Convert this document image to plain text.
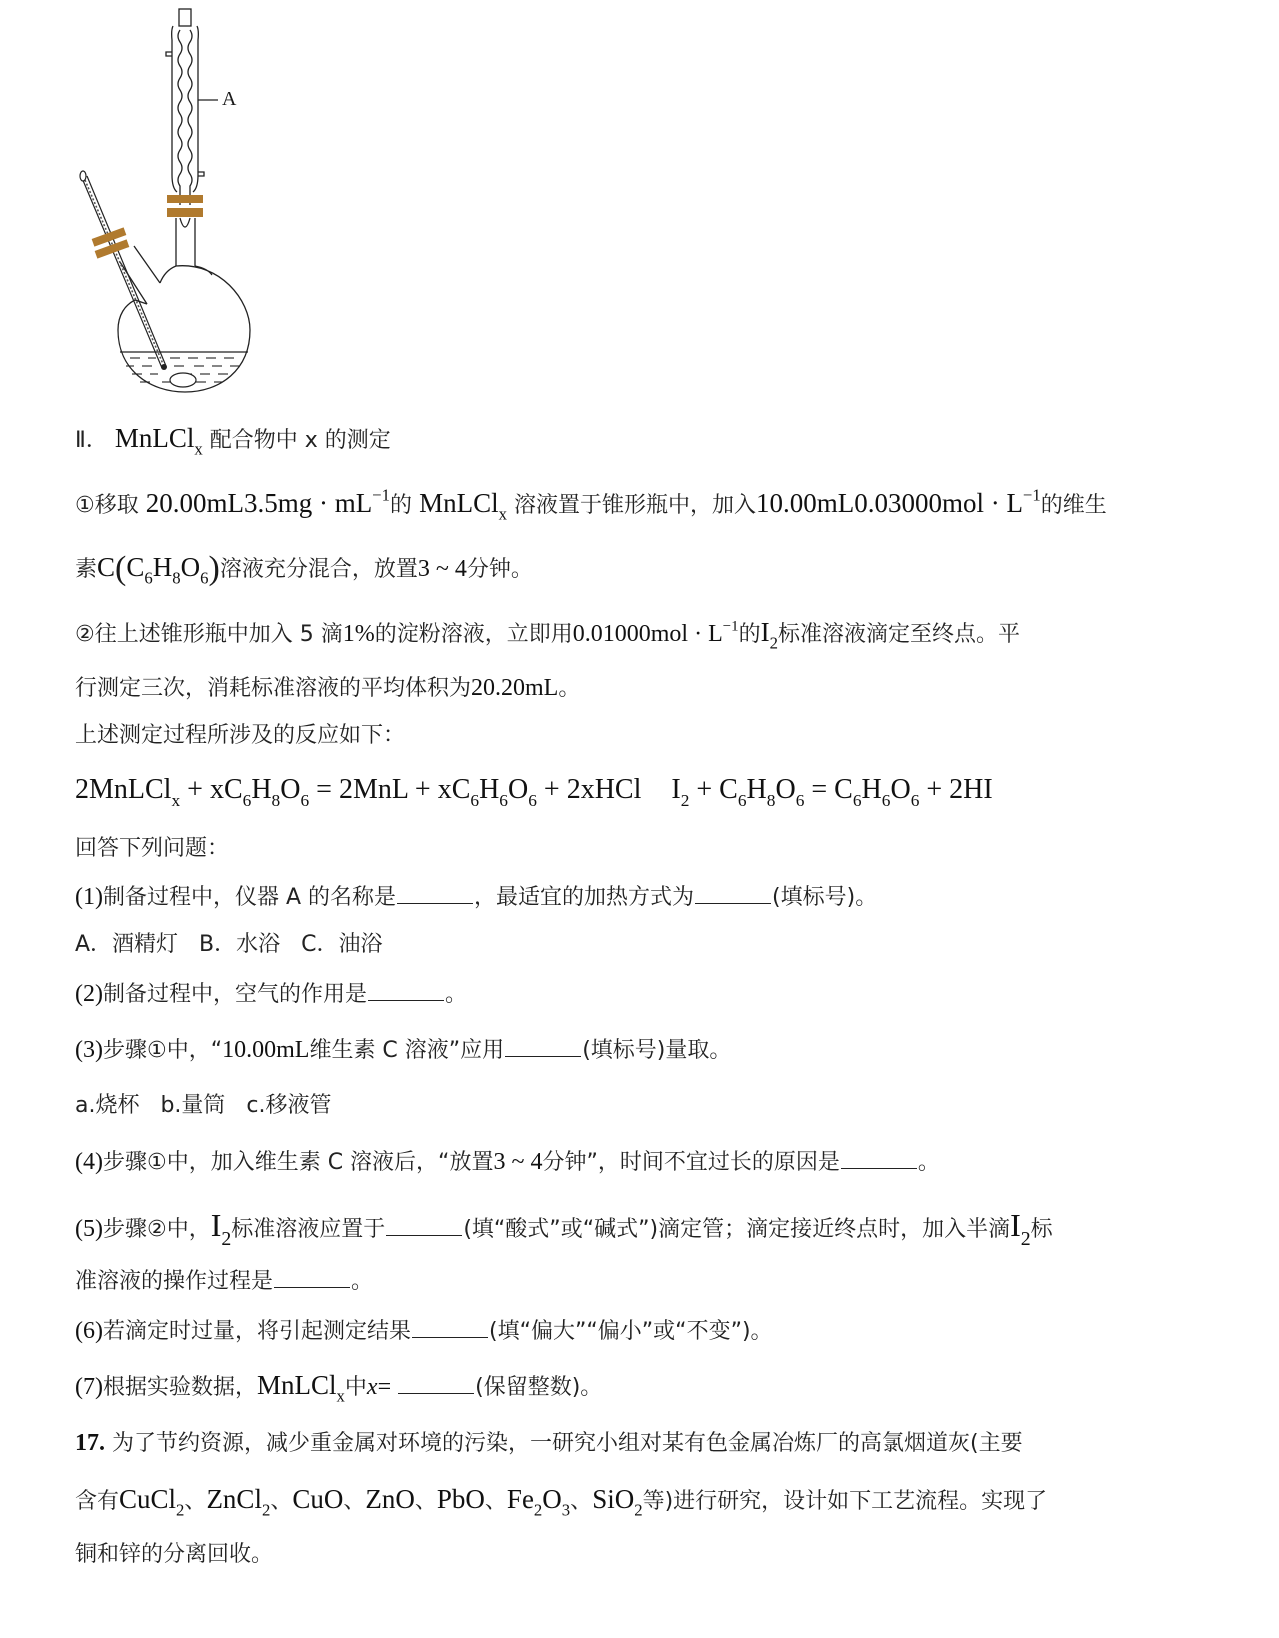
A
Ⅱ． MnLCl$_x$ 配合物中 x 的测定
①移取 $20.00mL3.5mg \cdot mL^{-1}$的 MnLCl$_x$ 溶液置于锥形瓶中，加入$10.00mL0.03000mol \cdot L^{-1}$的维生
素$C(C_6H_8O_6)$溶液充分混合，放置3 ~ 4分钟。
②往上述锥形瓶中加入 5 滴1%的淀粉溶液，立即用$0.01000mol \cdot L^{-1}$的$I_2$标准溶液滴定至终点。平
行测定三次，消耗标准溶液的平均体积为20.20mL。
上述测定过程所涉及的反应如下：
2MnLCl$_x$ + $xC_6H_8O_6 = 2MnL + xC_6H_6O_6$ + 2xHCl $I_2 + C_6H_8O_6 = C_6H_6O_6 + 2HI$
回答下列问题：
(1)制备过程中，仪器 A 的名称是	，最适宜的加热方式为	(填标号)。
A．酒精灯 B．水浴 C．油浴
(2)制备过程中，空气的作用是	。
(3)步骤①中，“10.00mL维生素 C 溶液”应用	(填标号)量取。
a.烧杯 b.量筒 c.移液管
(4)步骤①中，加入维生素 C 溶液后，“放置3 ~ 4分钟”，时间不宜过长的原因是	。
(5)步骤②中，$I_2$标准溶液应置于	(填“酸式”或“碱式”)滴定管；滴定接近终点时，加入半滴$I_2$标
准溶液的操作过程是	。
(6)若滴定时过量，将引起测定结果	(填“偏大”“偏小”或“不变”)。
(7)根据实验数据，MnLCl$_x$中x=	(保留整数)。
17. 为了节约资源，减少重金属对环境的污染，一研究小组对某有色金属冶炼厂的高氯烟道灰(主要
含有CuCl$_2$、ZnCl$_2$、CuO、ZnO、PbO、$Fe_2O_3$、SiO$_2$等)进行研究，设计如下工艺流程。实现了
铜和锌的分离回收。
